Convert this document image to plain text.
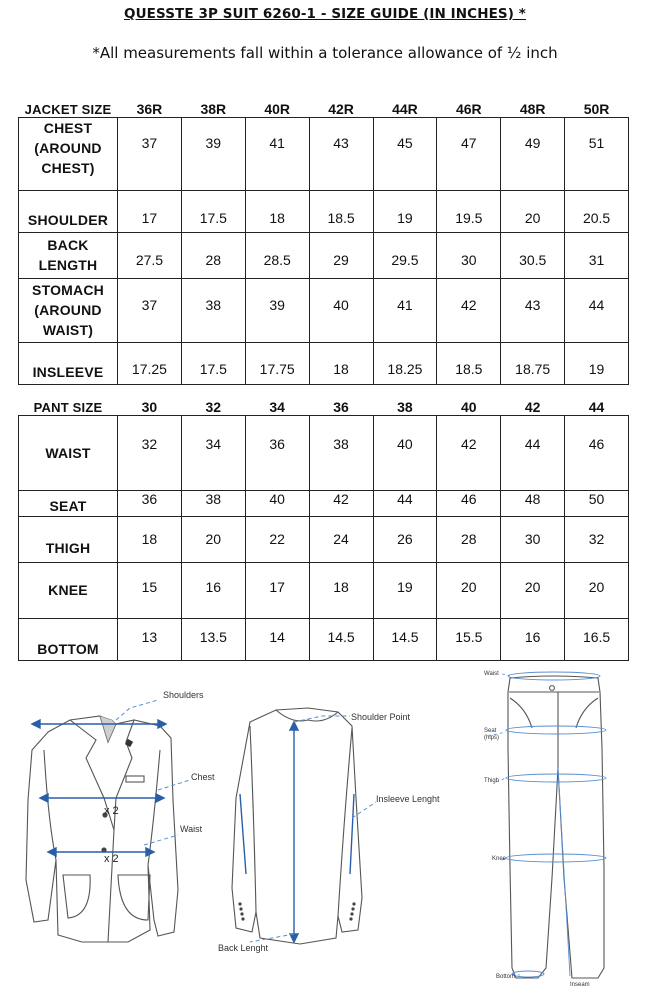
QUESSTE 3P SUIT 6260-1 - SIZE GUIDE (IN INCHES) *
*All measurements fall within a tolerance allowance of ½ inch
JACKET SIZE	36R	38R	40R	42R	44R	46R	48R	50R
CHEST (AROUND CHEST)	37	39	41	43	45	47	49	51
SHOULDER	17	17.5	18	18.5	19	19.5	20	20.5
BACK LENGTH	27.5	28	28.5	29	29.5	30	30.5	31
STOMACH (AROUND WAIST)	37	38	39	40	41	42	43	44
INSLEEVE	17.25	17.5	17.75	18	18.25	18.5	18.75	19
PANT SIZE	30	32	34	36	38	40	42	44
WAIST	32	34	36	38	40	42	44	46
SEAT	36	38	40	42	44	46	48	50
THIGH	18	20	22	24	26	28	30	32
KNEE	15	16	17	18	19	20	20	20
BOTTOM	13	13.5	14	14.5	14.5	15.5	16	16.5
Shoulders
Chest
Waist
x 2
x 2
Shoulder Point
Insleeve Lenght
Back Lenght
Waist
Seat
(hips)
Thigh
Knee
Bottom
Inseam
